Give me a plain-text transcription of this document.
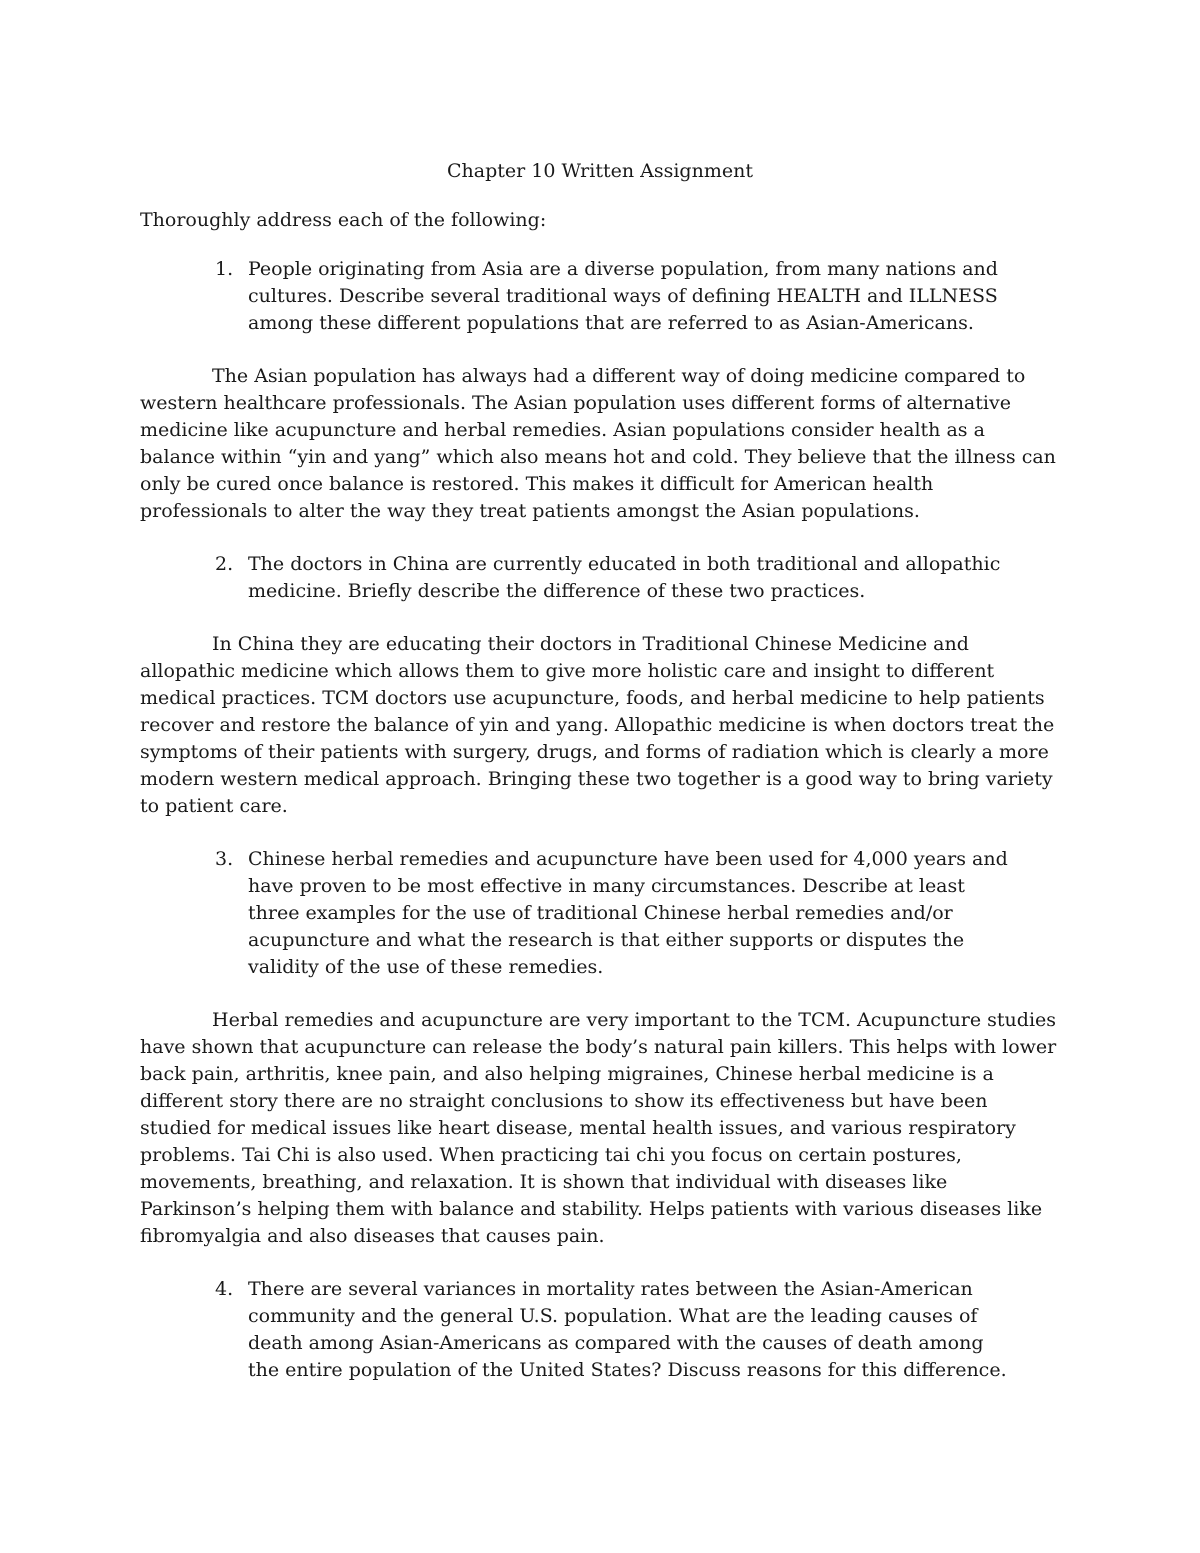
Chapter 10 Written Assignment
Thoroughly address each of the following:
1. People originating from Asia are a diverse population, from many nations and cultures. Describe several traditional ways of defining HEALTH and ILLNESS among these different populations that are referred to as Asian-Americans.

The Asian population has always had a different way of doing medicine compared to western healthcare professionals. The Asian population uses different forms of alternative medicine like acupuncture and herbal remedies. Asian populations consider health as a balance within “yin and yang” which also means hot and cold. They believe that the illness can only be cured once balance is restored. This makes it difficult for American health professionals to alter the way they treat patients amongst the Asian populations.

2. The doctors in China are currently educated in both traditional and allopathic medicine. Briefly describe the difference of these two practices.

In China they are educating their doctors in Traditional Chinese Medicine and allopathic medicine which allows them to give more holistic care and insight to different medical practices. TCM doctors use acupuncture, foods, and herbal medicine to help patients recover and restore the balance of yin and yang. Allopathic medicine is when doctors treat the symptoms of their patients with surgery, drugs, and forms of radiation which is clearly a more modern western medical approach. Bringing these two together is a good way to bring variety to patient care.

3. Chinese herbal remedies and acupuncture have been used for 4,000 years and have proven to be most effective in many circumstances. Describe at least three examples for the use of traditional Chinese herbal remedies and/or acupuncture and what the research is that either supports or disputes the validity of the use of these remedies.

Herbal remedies and acupuncture are very important to the TCM. Acupuncture studies have shown that acupuncture can release the body’s natural pain killers. This helps with lower back pain, arthritis, knee pain, and also helping migraines, Chinese herbal medicine is a different story there are no straight conclusions to show its effectiveness but have been studied for medical issues like heart disease, mental health issues, and various respiratory problems. Tai Chi is also used. When practicing tai chi you focus on certain postures, movements, breathing, and relaxation. It is shown that individual with diseases like Parkinson’s helping them with balance and stability. Helps patients with various diseases like fibromyalgia and also diseases that causes pain.

4. There are several variances in mortality rates between the Asian-American community and the general U.S. population. What are the leading causes of death among Asian-Americans as compared with the causes of death among the entire population of the United States? Discuss reasons for this difference.
